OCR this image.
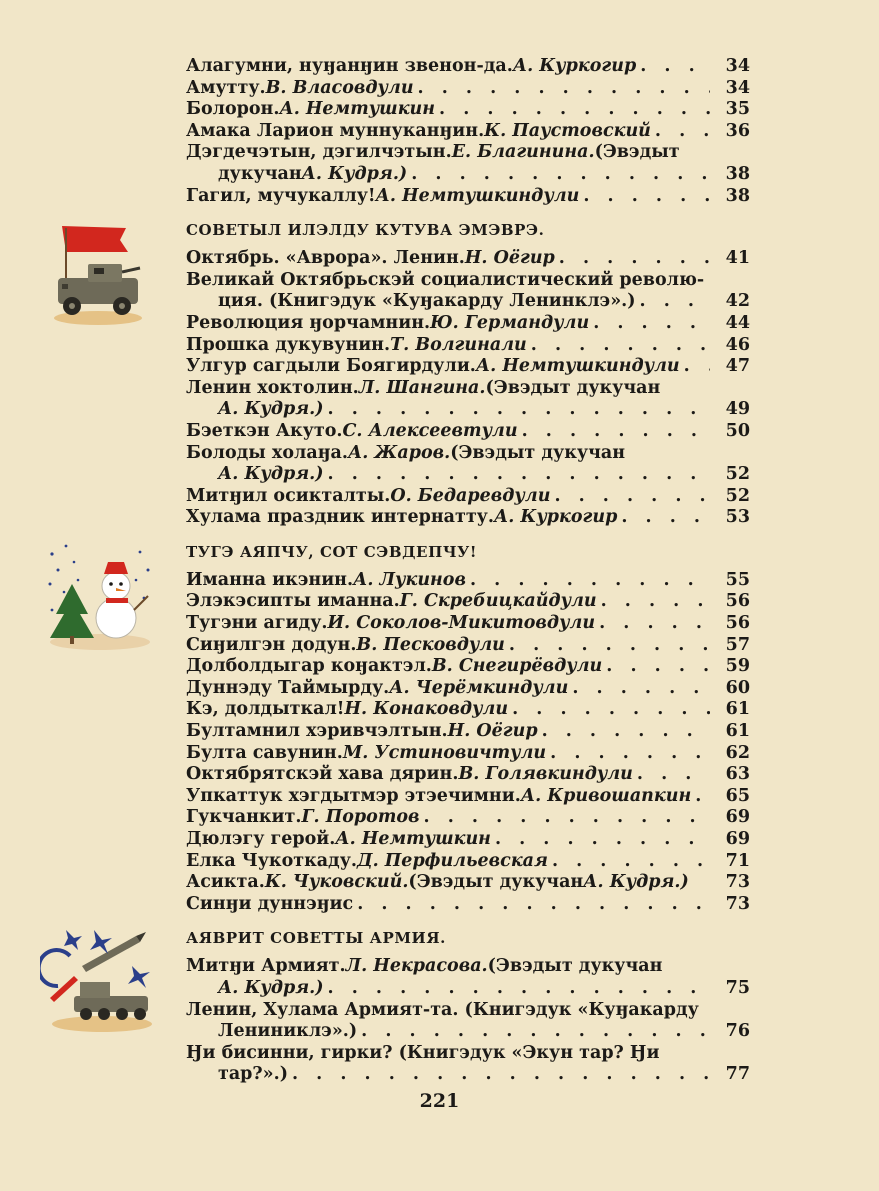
Алагумни, нуӈанӈин звенон-да. А. Куркогир . . .	34
Амутту. В. Власовдули . . .	34
Болорон. А. Немтушкин . . .	35
Амака Ларион муннуканӈин. К. Паустовский . . .	36
Дэгдечэтын, дэгилчэтын. Е. Благинина. (Эвэдыт
дукучан А. Кудря.) . . .	38
Гагил, мучукаллу! А. Немтушкиндули . . .	38
СОВЕТЫЛ ИЛЭЛДУ КУТУВА ЭМЭВРЭ.
Октябрь. «Аврора». Ленин. Н. Оёгир . . .	41
Великай Октябрьскэй социалистический револю-
ция. (Книгэдук «Куӈакарду Ленинклэ».) . . .	42
Революция ӈорчамнин. Ю. Германдули . . .	44
Прошка дукувунин. Т. Волгинали . . .	46
Улгур сагдыли Боягирдули. А. Немтушкиндули . . .	47
Ленин хоктолин. Л. Шангина. (Эвэдыт дукучан
А. Кудря.) . . .	49
Бэеткэн Акуто. С. Алексеевтули . . .	50
Болоды холаӈа. А. Жаров. (Эвэдыт дукучан
А. Кудря.) . . .	52
Митӈил осикталты. О. Бедаревдули . . .	52
Хулама праздник интернатту. А. Куркогир . . .	53
ТУГЭ АЯПЧУ, СОТ СЭВДЕПЧУ!
Иманна икэнин. А. Лукинов . . .	55
Элэкэсипты иманна. Г. Скребицкайдули . . .	56
Тугэни агиду. И. Соколов-Микитовдули . . .	56
Сиӈилгэн додун. В. Песковдули . . .	57
Долболдыгар коӈактэл. В. Снегирёвдули . . .	59
Дуннэду Таймырду. А. Черёмкиндули . . .	60
Кэ, долдыткал! Н. Конаковдули . . .	61
Бултамнил хэривчэлтын. Н. Оёгир . . .	61
Булта савунин. М. Устиновичтули . . .	62
Октябрятскэй хава дярин. В. Голявкиндули . . .	63
Упкаттук хэгдытмэр этэечимни. А. Кривошапкин . . .	65
Гукчанкит. Г. Поротов . . .	69
Дюлэгу герой. А. Немтушкин . . .	69
Елка Чукоткаду. Д. Перфильевская . . .	71
Асикта. К. Чуковский. (Эвэдыт дукучан А. Кудря.)	73
Синӈи дуннэӈис . . .	73
АЯВРИТ СОВЕТТЫ АРМИЯ.
Митӈи Армият. Л. Некрасова. (Эвэдыт дукучан
А. Кудря.) . . .	75
Ленин, Хулама Армият-та. (Книгэдук «Куӈакарду
Лениниклэ».) . . .	76
Ӈи бисинни, гирки? (Книгэдук «Экун тар? Ӈи
тар?».) . . .	77
221
